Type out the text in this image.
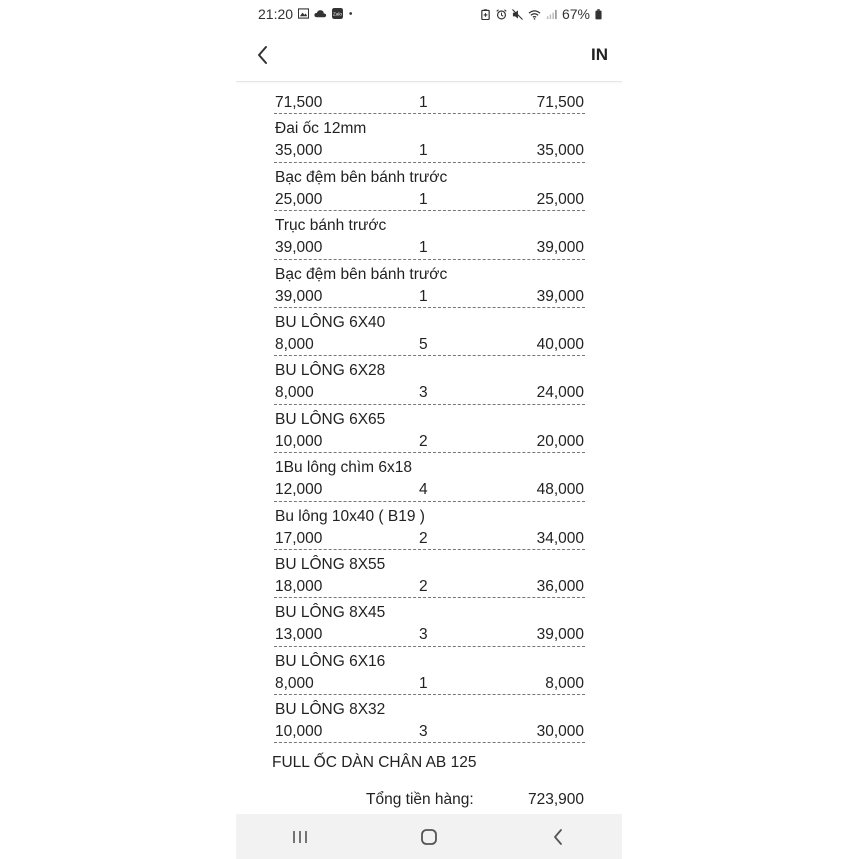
21:20	Zalo	67%
IN
71,500	1	71,500
Đai ốc 12mm
35,000	1	35,000
Bạc đệm bên bánh trước
25,000	1	25,000
Trục bánh trước
39,000	1	39,000
Bạc đệm bên bánh trước
39,000	1	39,000
BU LÔNG 6X40
8,000	5	40,000
BU LÔNG 6X28
8,000	3	24,000
BU LÔNG 6X65
10,000	2	20,000
1Bu lông chìm 6x18
12,000	4	48,000
Bu lông 10x40 ( B19 )
17,000	2	34,000
BU LÔNG 8X55
18,000	2	36,000
BU LÔNG 8X45
13,000	3	39,000
BU LÔNG 6X16
8,000	1	8,000
BU LÔNG 8X32
10,000	3	30,000
FULL ỐC DÀN CHÂN AB 125
Tổng tiền hàng:	723,900
